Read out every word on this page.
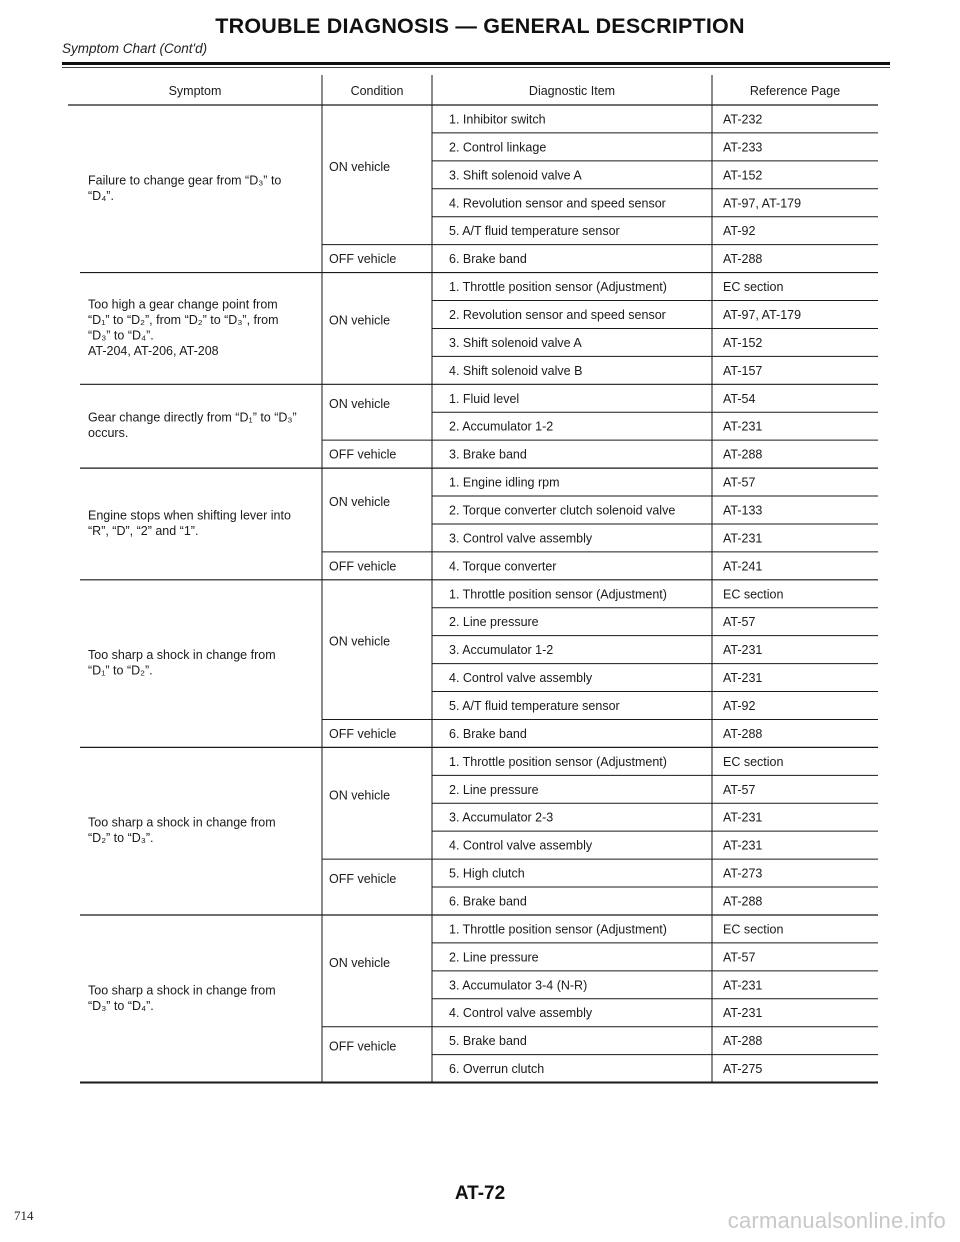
TROUBLE DIAGNOSIS — GENERAL DESCRIPTION
Symptom Chart (Cont'd)
Symptom	Condition	Diagnostic Item	Reference Page
Failure to change gear from “D₃” to
“D₄”.
ON vehicle
1. Inhibitor switch	AT-232
2. Control linkage	AT-233
3. Shift solenoid valve A	AT-152
4. Revolution sensor and speed sensor	AT-97, AT-179
5. A/T fluid temperature sensor	AT-92
OFF vehicle	6. Brake band	AT-288
Too high a gear change point from
“D₁” to “D₂”, from “D₂” to “D₃”, from
“D₃” to “D₄”.
AT-204, AT-206, AT-208
ON vehicle
1. Throttle position sensor (Adjustment)	EC section
2. Revolution sensor and speed sensor	AT-97, AT-179
3. Shift solenoid valve A	AT-152
4. Shift solenoid valve B	AT-157
Gear change directly from “D₁” to “D₃”
occurs.
ON vehicle	1. Fluid level	AT-54
2. Accumulator 1-2	AT-231
OFF vehicle	3. Brake band	AT-288
Engine stops when shifting lever into
“R”, “D”, “2” and “1”.
ON vehicle
1. Engine idling rpm	AT-57
2. Torque converter clutch solenoid valve	AT-133
3. Control valve assembly	AT-231
OFF vehicle	4. Torque converter	AT-241
Too sharp a shock in change from
“D₁” to “D₂”.
ON vehicle
1. Throttle position sensor (Adjustment)	EC section
2. Line pressure	AT-57
3. Accumulator 1-2	AT-231
4. Control valve assembly	AT-231
5. A/T fluid temperature sensor	AT-92
OFF vehicle	6. Brake band	AT-288
Too sharp a shock in change from
“D₂” to “D₃”.
ON vehicle
1. Throttle position sensor (Adjustment)	EC section
2. Line pressure	AT-57
3. Accumulator 2-3	AT-231
4. Control valve assembly	AT-231
OFF vehicle	5. High clutch	AT-273
6. Brake band	AT-288
Too sharp a shock in change from
“D₃” to “D₄”.
ON vehicle
1. Throttle position sensor (Adjustment)	EC section
2. Line pressure	AT-57
3. Accumulator 3-4 (N-R)	AT-231
4. Control valve assembly	AT-231
OFF vehicle	5. Brake band	AT-288
6. Overrun clutch	AT-275
AT-72
714	carmanualsonline.info
